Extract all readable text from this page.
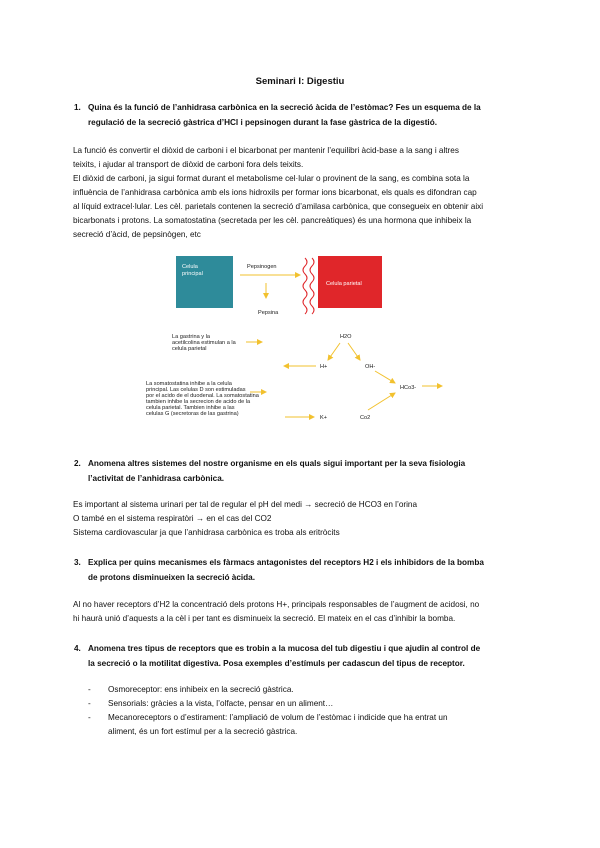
Seminari I: Digestiu
1. Quina és la funció de l’anhidrasa carbònica en la secreció àcida de l’estòmac? Fes un esquema de la
regulació de la secreció gàstrica d’HCl i pepsinogen durant la fase gàstrica de la digestió.
La funció és convertir el diòxid de carboni i el bicarbonat per mantenir l’equilibri àcid-base a la sang i altres
teixits, i ajudar al transport de diòxid de carboni fora dels teixits.
El diòxid de carboni, ja sigui format durant el metabolisme cel·lular o provinent de la sang, es combina sota la
influència de l’anhidrasa carbònica amb els ions hidroxils per formar ions bicarbonat, els quals es difondran cap
al líquid extracel·lular. Les cèl. parietals contenen la secreció d’amilasa carbònica, que consegueix en obtenir aixi
bicarbonats i protons. La somatostatina (secretada per les cèl. pancreàtiques) és una hormona que inhibeix la
secreció d’àcid, de pepsinògen, etc
Celula
principal
Pepsinogen
Pepsina
Celula parietal
H2O
H+	OH-
HCo3-
Co2
K+
La gastrina y la
acetilcolina estimulan a la
celula parietal
La somatostatina inhibe a la celula
principal. Las celulas D son estimuladas
por el acido de el duodenal. La somatostatina
tambien inhibe la secrecion de acido de la
celula parietal. Tambien inhibe a las
celulas G (secretoras de las gastrina)
2. Anomena altres sistemes del nostre organisme en els quals sigui important per la seva fisiologia
l’activitat de l’anhidrasa carbònica.
Es important al sistema urinari per tal de regular el pH del medi → secreció de HCO3 en l’orina
O també en el sistema respiratòri → en el cas del CO2
Sistema cardiovascular ja que l’anhidrasa carbònica es troba als eritròcits
3. Explica per quins mecanismes els fàrmacs antagonistes del receptors H2 i els inhibidors de la bomba
de protons disminueixen la secreció àcida.
Al no haver receptors d’H2 la concentració dels protons H+, principals responsables de l’augment de acidosi, no
hi haurà unió d’aquests a la cèl i per tant es disminueix la secreció. El mateix en el cas d’inhibir la bomba.
4. Anomena tres tipus de receptors que es trobin a la mucosa del tub digestiu i que ajudin al control de
la secreció o la motilitat digestiva. Posa exemples d’estímuls per cadascun del tipus de receptor.
- Osmoreceptor: ens inhibeix en la secreció gàstrica.
- Sensorials: gràcies a la vista, l’olfacte, pensar en un aliment…
- Mecanoreceptors o d’estirament: l’ampliació de volum de l’estòmac i indicide que ha entrat un
aliment, és un fort estímul per a la secreció gàstrica.
